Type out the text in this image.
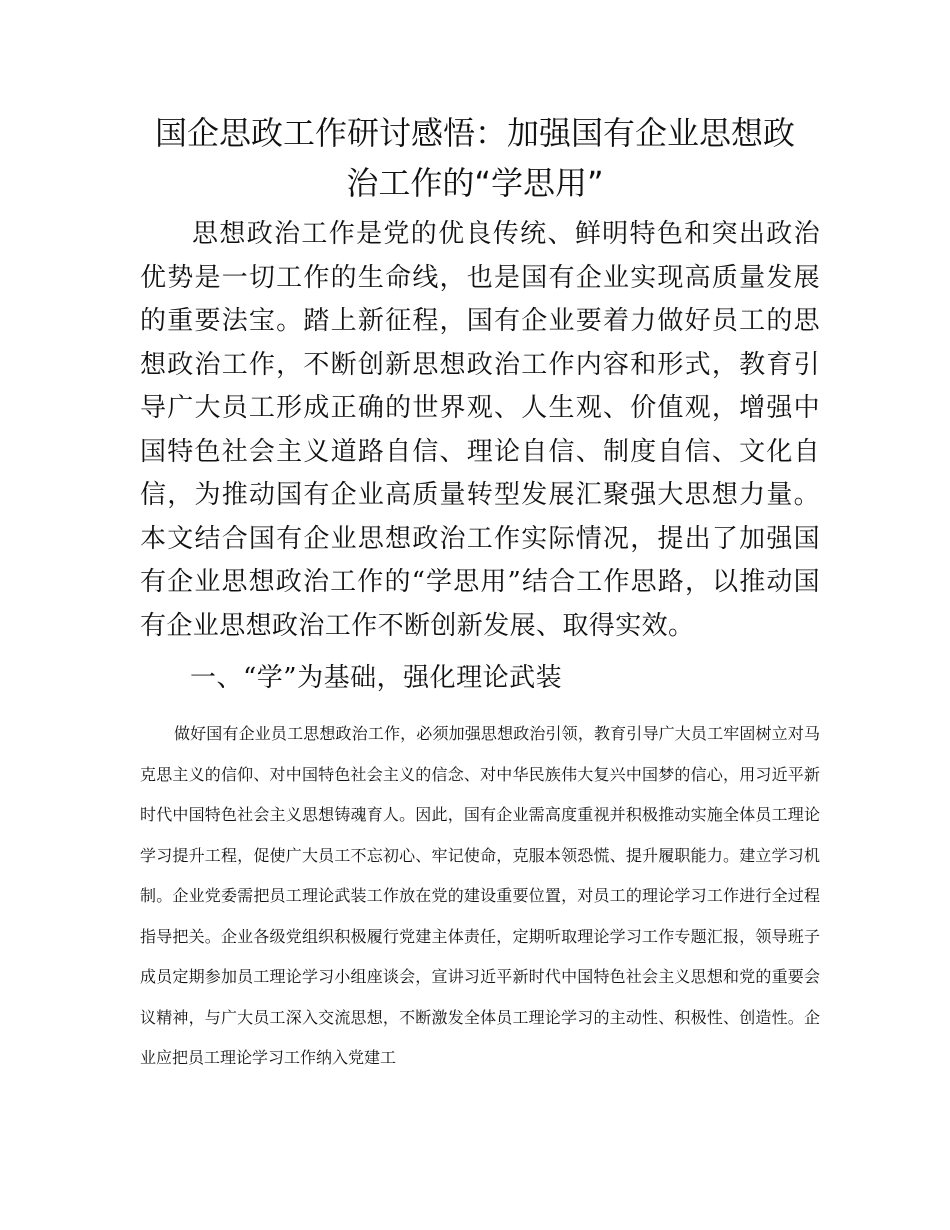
国企思政工作研讨感悟：加强国有企业思想政
治工作的“学思用”

思想政治工作是党的优良传统、鲜明特色和突出政治优势是一切工作的生命线，也是国有企业实现高质量发展的重要法宝。踏上新征程，国有企业要着力做好员工的思想政治工作，不断创新思想政治工作内容和形式，教育引导广大员工形成正确的世界观、人生观、价值观，增强中国特色社会主义道路自信、理论自信、制度自信、文化自信，为推动国有企业高质量转型发展汇聚强大思想力量。本文结合国有企业思想政治工作实际情况，提出了加强国有企业思想政治工作的“学思用”结合工作思路，以推动国有企业思想政治工作不断创新发展、取得实效。

一、“学”为基础，强化理论武装

做好国有企业员工思想政治工作，必须加强思想政治引领，教育引导广大员工牢固树立对马克思主义的信仰、对中国特色社会主义的信念、对中华民族伟大复兴中国梦的信心，用习近平新时代中国特色社会主义思想铸魂育人。因此，国有企业需高度重视并积极推动实施全体员工理论学习提升工程，促使广大员工不忘初心、牢记使命，克服本领恐慌、提升履职能力。建立学习机制。企业党委需把员工理论武装工作放在党的建设重要位置，对员工的理论学习工作进行全过程指导把关。企业各级党组织积极履行党建主体责任，定期听取理论学习工作专题汇报，领导班子成员定期参加员工理论学习小组座谈会，宣讲习近平新时代中国特色社会主义思想和党的重要会议精神，与广大员工深入交流思想，不断激发全体员工理论学习的主动性、积极性、创造性。企业应把员工理论学习工作纳入党建工
